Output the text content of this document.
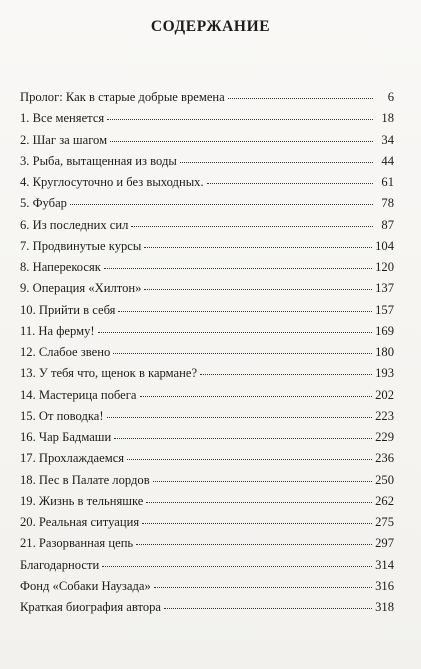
СОДЕРЖАНИЕ
Пролог: Как в старые добрые времена	6
1. Все меняется	18
2. Шаг за шагом	34
3. Рыба, вытащенная из воды	44
4. Круглосуточно и без выходных.	61
5. Фубар	78
6. Из последних сил	87
7. Продвинутые курсы	104
8. Наперекосяк	120
9. Операция «Хилтон»	137
10. Прийти в себя	157
11. На ферму!	169
12. Слабое звено	180
13. У тебя что, щенок в кармане?	193
14. Мастерица побега	202
15. От поводка!	223
16. Чар Бадмаши	229
17. Прохлаждаемся	236
18. Пес в Палате лордов	250
19. Жизнь в тельняшке	262
20. Реальная ситуация	275
21. Разорванная цепь	297
Благодарности	314
Фонд «Собаки Наузада»	316
Краткая биография автора	318
